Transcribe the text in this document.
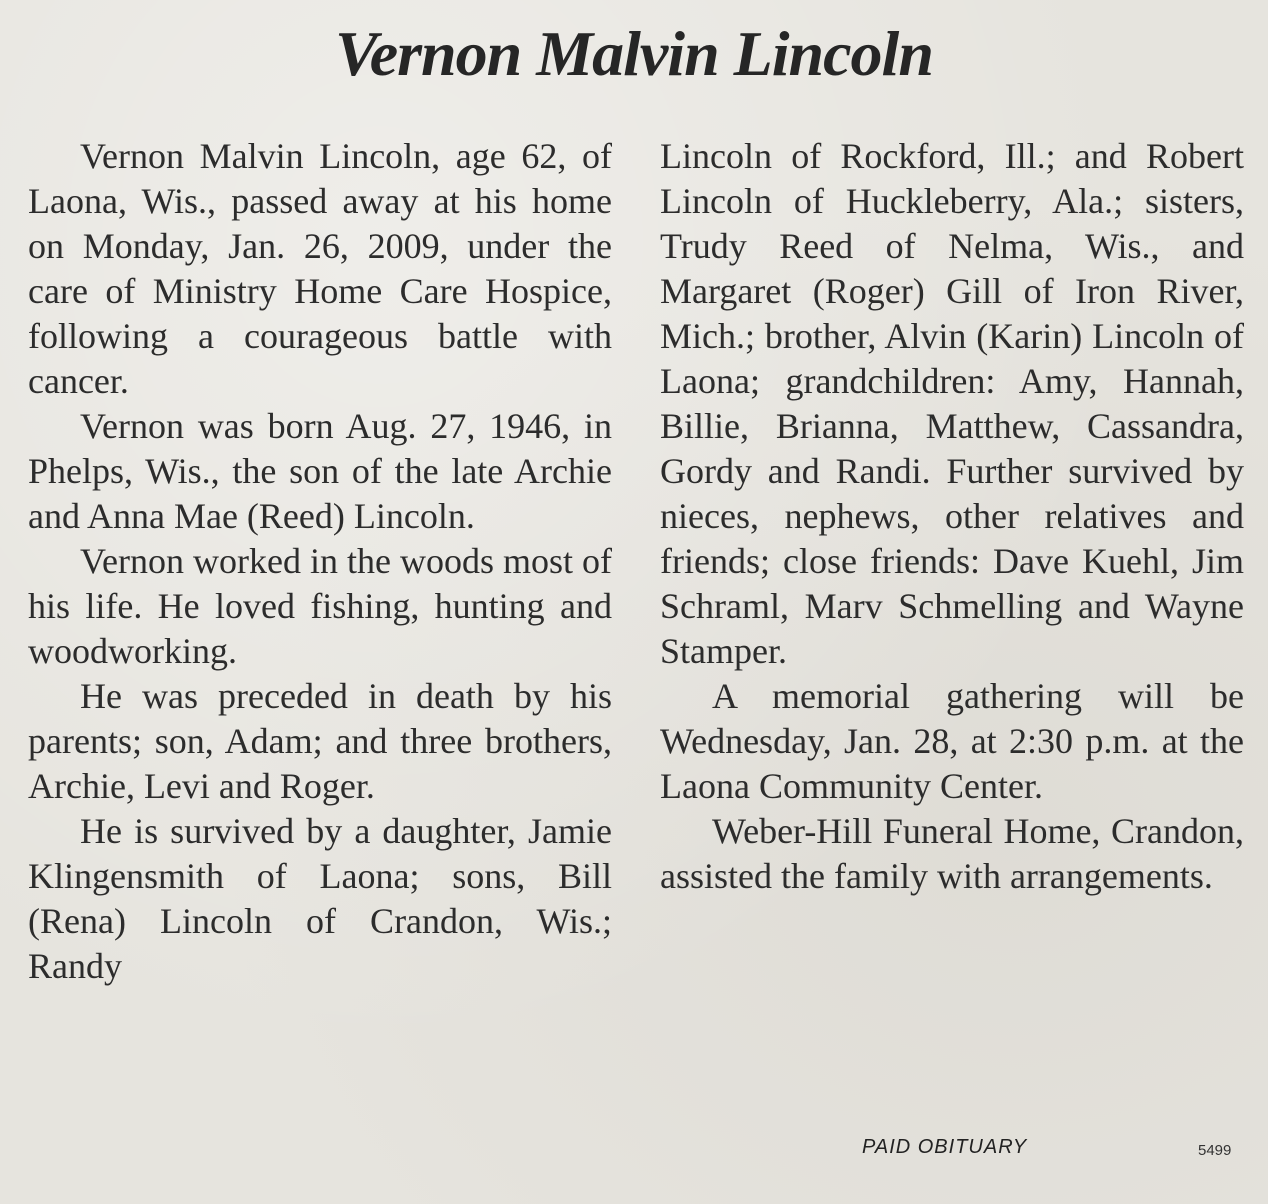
Vernon Malvin Lincoln

Vernon Malvin Lincoln, age 62, of Laona, Wis., passed away at his home on Monday, Jan. 26, 2009, under the care of Ministry Home Care Hospice, following a courageous battle with cancer.

Vernon was born Aug. 27, 1946, in Phelps, Wis., the son of the late Archie and Anna Mae (Reed) Lincoln.

Vernon worked in the woods most of his life. He loved fishing, hunting and woodworking.

He was preceded in death by his parents; son, Adam; and three brothers, Archie, Levi and Roger.

He is survived by a daughter, Jamie Klingensmith of Laona; sons, Bill (Rena) Lincoln of Crandon, Wis.; Randy

Lincoln of Rockford, Ill.; and Robert Lincoln of Huckleberry, Ala.; sisters, Trudy Reed of Nelma, Wis., and Margaret (Roger) Gill of Iron River, Mich.; brother, Alvin (Karin) Lincoln of Laona; grandchildren: Amy, Hannah, Billie, Brianna, Matthew, Cassandra, Gordy and Randi. Further survived by nieces, nephews, other relatives and friends; close friends: Dave Kuehl, Jim Schraml, Marv Schmelling and Wayne Stamper.

A memorial gathering will be Wednesday, Jan. 28, at 2:30 p.m. at the Laona Community Center.

Weber-Hill Funeral Home, Crandon, assisted the family with arrangements.

PAID OBITUARY	5499
